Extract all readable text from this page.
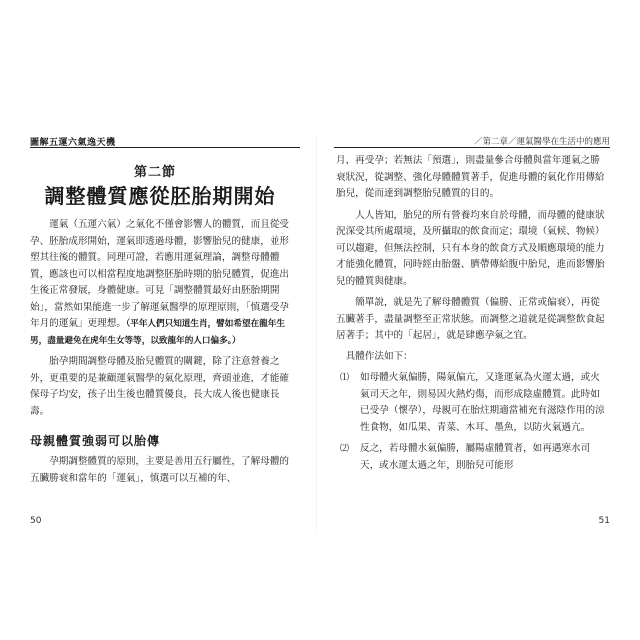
圖解五運六氣逸天機
第二節
調整體質應從胚胎期開始

運氣（五運六氣）之氣化不僅會影響人的體質，而且從受孕、胚胎成形開始，運氣即透過母體，影響胎兒的健康，並形塑其往後的體質。同理可證，若應用運氣理論，調整母體體質，應該也可以相當程度地調整胚胎時期的胎兒體質，促進出生後正常發展，身體健康。可見「調整體質最好由胚胎期開始」，當然如果能進一步了解運氣醫學的原理原則，「慎選受孕年月的運氣」更理想。（平年人們只知道生肖，譬如希望在龍年生男，盡量避免在虎年生女等等，以致龍年的人口偏多。）

胎孕期間調整母體及胎兒體質的關鍵，除了注意營養之外，更重要的是兼顧運氣醫學的氣化原理，齊頭並進，才能確保母子均安，孩子出生後也體質優良，長大成人後也健康長壽。

母親體質強弱可以胎傳

孕期調整體質的原則，主要是善用五行屬性，了解母體的五臟勝衰和當年的「運氣」，慎選可以互補的年、

50
／第二章／運氣醫學在生活中的應用

月，再受孕；若無法「預選」，則盡量參合母體與當年運氣之勝衰狀況，從調整、強化母體體質著手，促進母體的氣化作用傳給胎兒，從而達到調整胎兒體質的目的。

人人皆知，胎兒的所有營養均來自於母體，而母體的健康狀況深受其所處環境，及所攝取的飲食而定；環境（氣候、物候）可以趨避，但無法控制，只有本身的飲食方式及順應環境的能力才能強化體質，同時經由胎盤、臍帶傳給腹中胎兒，進而影響胎兒的體質與健康。

簡單說，就是先了解母體體質（偏勝、正常或偏衰），再從五臟著手，盡量調整至正常狀態。而調整之道就是從調整飲食起居著手；其中的「起居」，就是肆應孕氣之宜。

具體作法如下：

⑴ 如母體火氣偏勝，陽氣偏亢，又逢運氣為火運太過，或火氣司天之年，則易因火熱灼傷，而形成陰虛體質。此時如已受孕（懷孕），母親可在胎炷期適當補充有滋陰作用的涼性食物，如瓜果、青菜、木耳、墨魚，以防火氣過亢。
⑵ 反之，若母體水氣偏勝，屬陽虛體質者，如再遇寒水司天，或水運太過之年，則胎兒可能形
51
